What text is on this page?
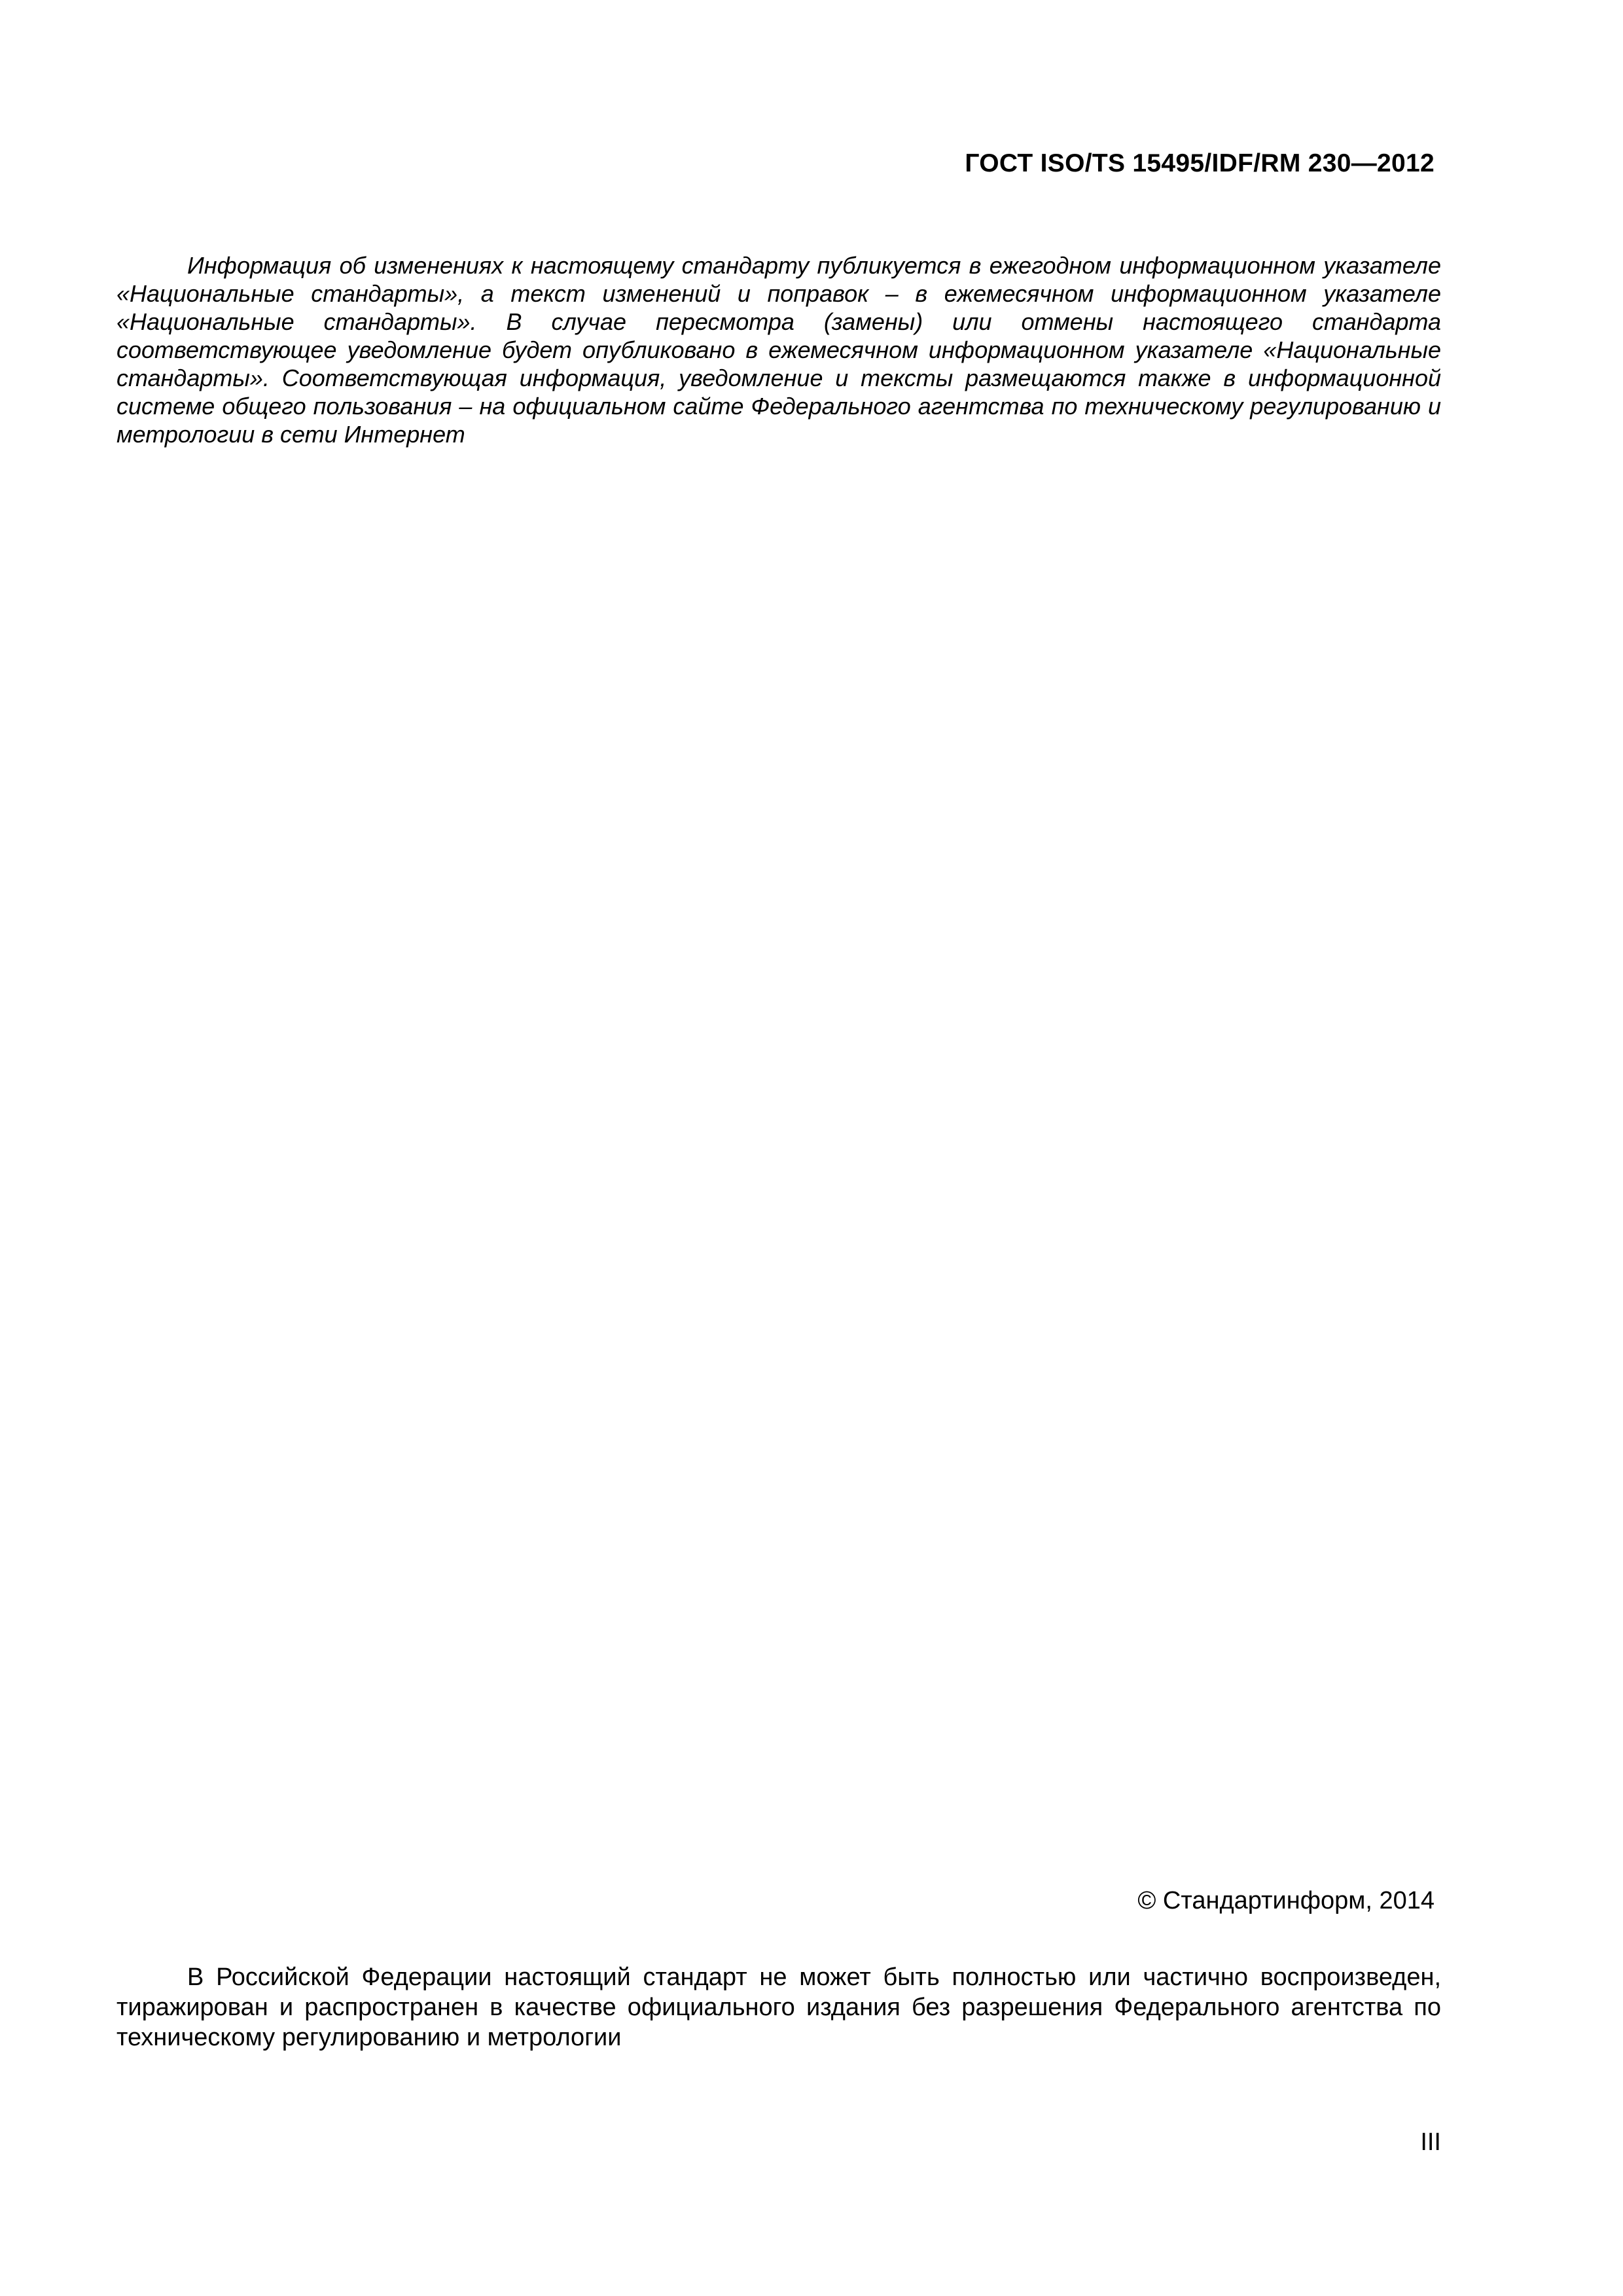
ГОСТ ISO/TS 15495/IDF/RM 230—2012

Информация об изменениях к настоящему стандарту публикуется в ежегодном информационном указателе «Национальные стандарты», а текст изменений и поправок – в ежемесячном информационном указателе «Национальные стандарты». В случае пересмотра (замены) или отмены настоящего стандарта соответствующее уведомление будет опубликовано в ежемесячном информационном указателе «Национальные стандарты». Соответствующая информация, уведомление и тексты размещаются также в информационной системе общего пользования – на официальном сайте Федерального агентства по техническому регулированию и метрологии в сети Интернет

© Стандартинформ, 2014

В Российской Федерации настоящий стандарт не может быть полностью или частично воспроизведен, тиражирован и распространен в качестве официального издания без разрешения Федерального агентства по техническому регулированию и метрологии

III
